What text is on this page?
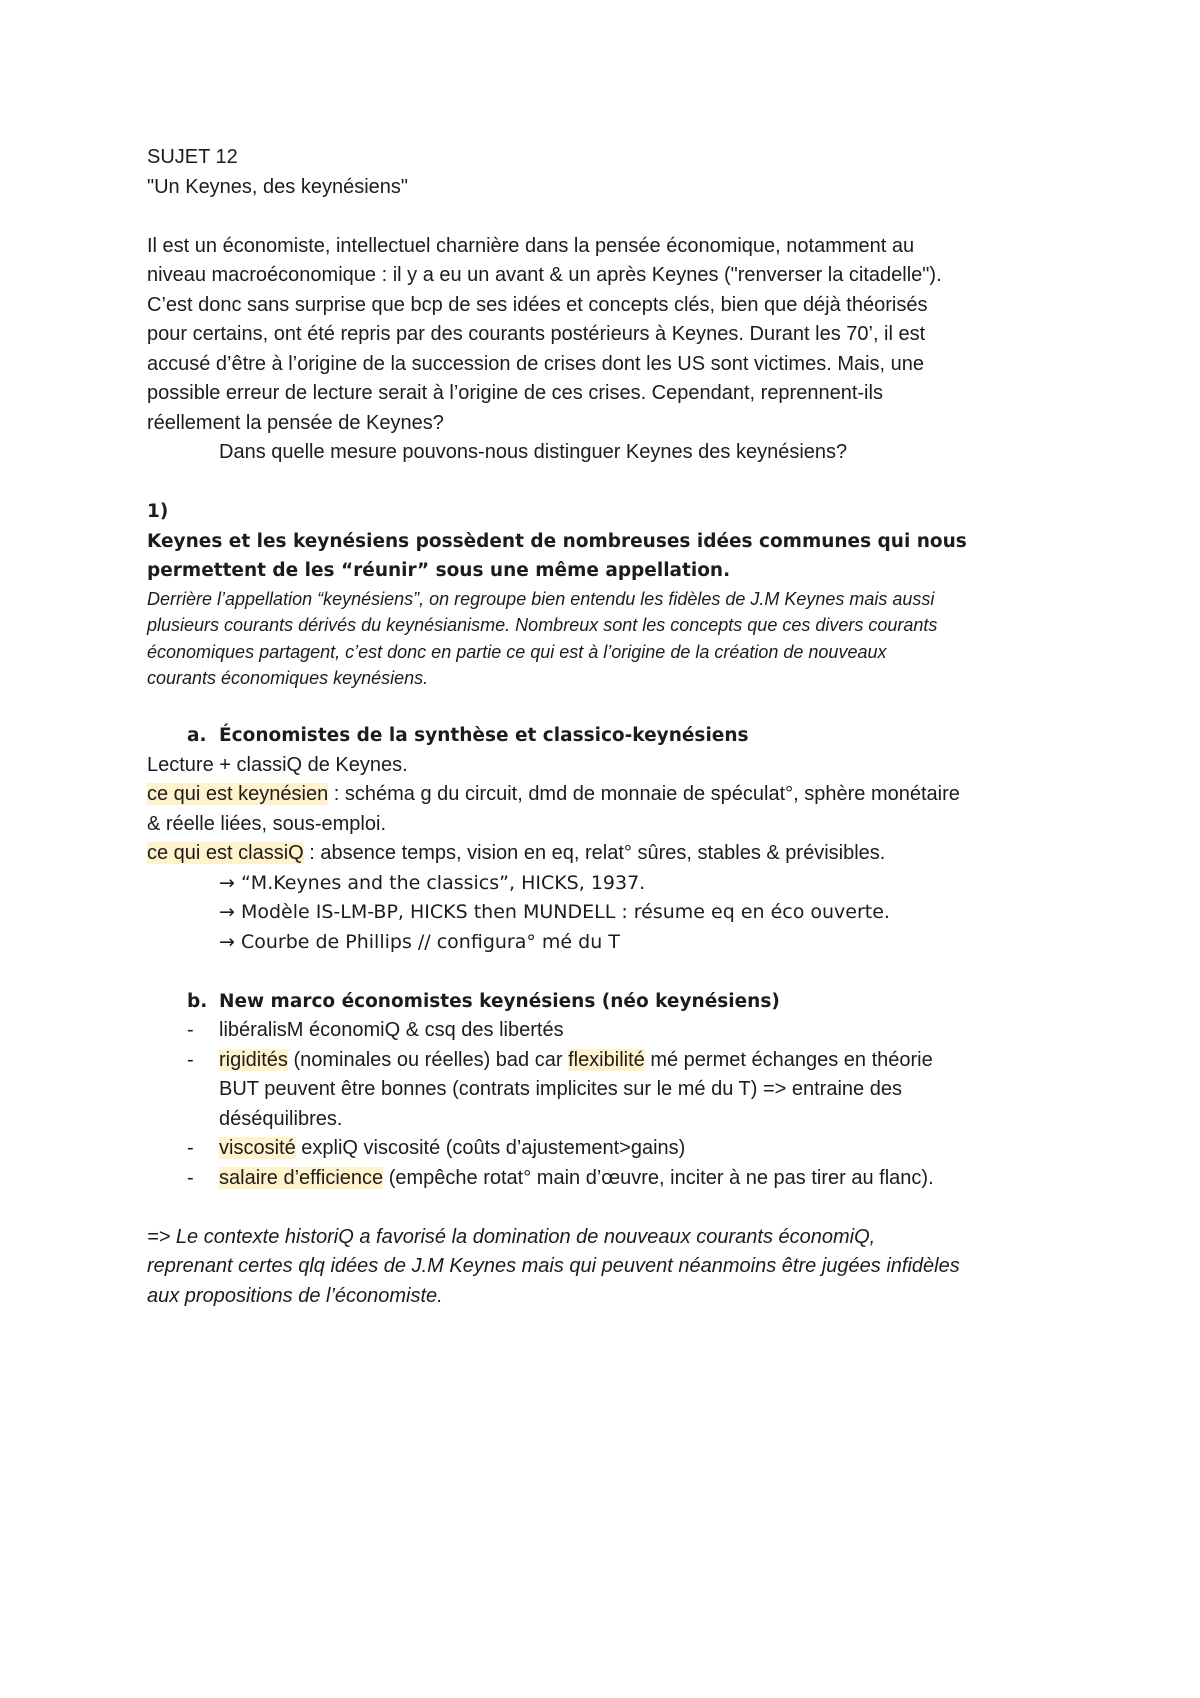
SUJET 12
"Un Keynes, des keynésiens"
Il est un économiste, intellectuel charnière dans la pensée économique, notamment au
niveau macroéconomique : il y a eu un avant & un après Keynes ("renverser la citadelle").
C’est donc sans surprise que bcp de ses idées et concepts clés, bien que déjà théorisés
pour certains, ont été repris par des courants postérieurs à Keynes. Durant les 70’, il est
accusé d’être à l’origine de la succession de crises dont les US sont victimes. Mais, une
possible erreur de lecture serait à l’origine de ces crises. Cependant, reprennent-ils
réellement la pensée de Keynes?
Dans quelle mesure pouvons-nous distinguer Keynes des keynésiens?
1)
Keynes et les keynésiens possèdent de nombreuses idées communes qui nous
permettent de les “réunir” sous une même appellation.
Derrière l’appellation “keynésiens”, on regroupe bien entendu les fidèles de J.M Keynes mais aussi
plusieurs courants dérivés du keynésianisme. Nombreux sont les concepts que ces divers courants
économiques partagent, c’est donc en partie ce qui est à l’origine de la création de nouveaux
courants économiques keynésiens.
a. Économistes de la synthèse et classico-keynésiens
Lecture + classiQ de Keynes.
ce qui est keynésien : schéma g du circuit, dmd de monnaie de spéculat°, sphère monétaire
& réelle liées, sous-emploi.
ce qui est classiQ : absence temps, vision en eq, relat° sûres, stables & prévisibles.
→ “M.Keynes and the classics”, HICKS, 1937.
→ Modèle IS-LM-BP, HICKS then MUNDELL : résume eq en éco ouverte.
→ Courbe de Phillips // configura° mé du T
b. New marco économistes keynésiens (néo keynésiens)
-	libéralisM économiQ & csq des libertés
-	rigidités (nominales ou réelles) bad car flexibilité mé permet échanges en théorie
BUT peuvent être bonnes (contrats implicites sur le mé du T) => entraine des
déséquilibres.
-	viscosité expliQ viscosité (coûts d’ajustement>gains)
-	salaire d’efficience (empêche rotat° main d’œuvre, inciter à ne pas tirer au flanc).
=> Le contexte historiQ a favorisé la domination de nouveaux courants économiQ,
reprenant certes qlq idées de J.M Keynes mais qui peuvent néanmoins être jugées infidèles
aux propositions de l’économiste.
